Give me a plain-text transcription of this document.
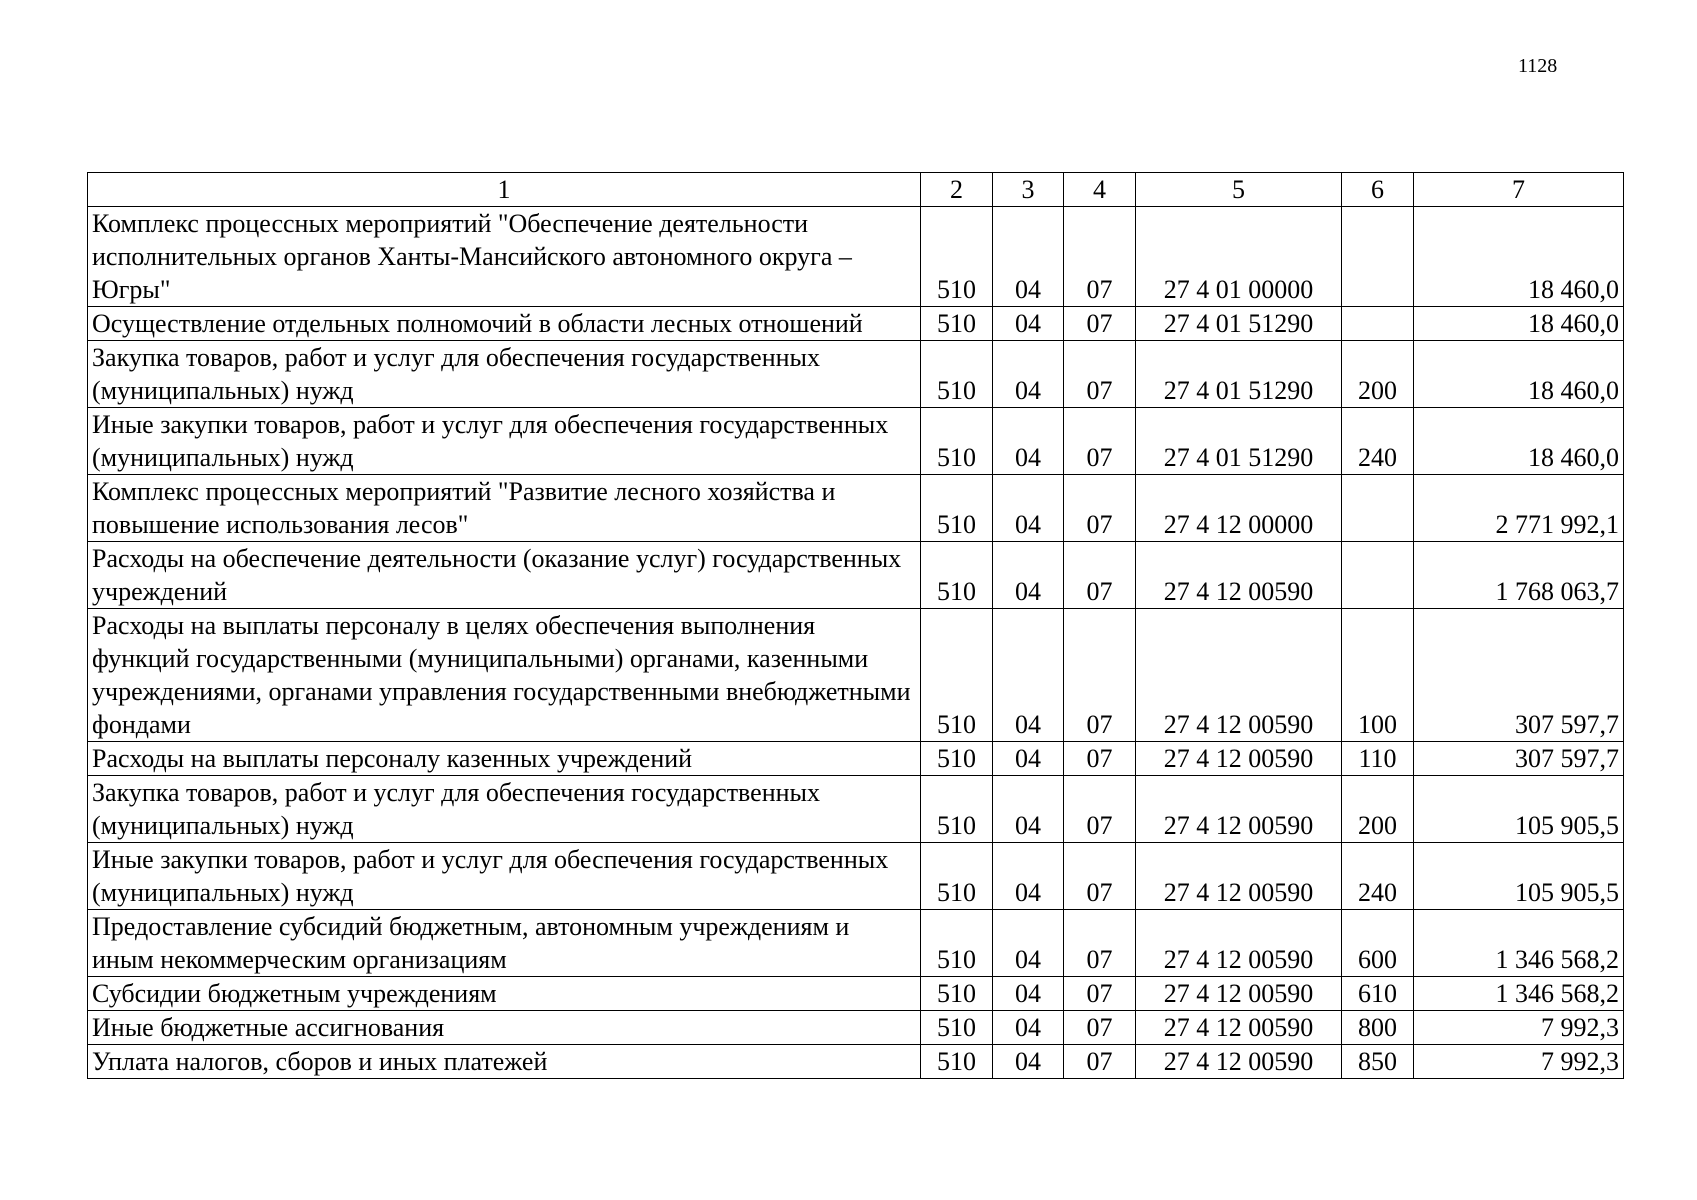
1128
1	2	3	4	5	6	7
Комплекс процессных мероприятий "Обеспечение деятельности исполнительных органов Ханты-Мансийского автономного округа – Югры"	510	04	07	27 4 01 00000		18 460,0
Осуществление отдельных полномочий в области лесных отношений	510	04	07	27 4 01 51290		18 460,0
Закупка товаров, работ и услуг для обеспечения государственных (муниципальных) нужд	510	04	07	27 4 01 51290	200	18 460,0
Иные закупки товаров, работ и услуг для обеспечения государственных (муниципальных) нужд	510	04	07	27 4 01 51290	240	18 460,0
Комплекс процессных мероприятий "Развитие лесного хозяйства и повышение использования лесов"	510	04	07	27 4 12 00000		2 771 992,1
Расходы на обеспечение деятельности (оказание услуг) государственных учреждений	510	04	07	27 4 12 00590		1 768 063,7
Расходы на выплаты персоналу в целях обеспечения выполнения функций государственными (муниципальными) органами, казенными учреждениями, органами управления государственными внебюджетными фондами	510	04	07	27 4 12 00590	100	307 597,7
Расходы на выплаты персоналу казенных учреждений	510	04	07	27 4 12 00590	110	307 597,7
Закупка товаров, работ и услуг для обеспечения государственных (муниципальных) нужд	510	04	07	27 4 12 00590	200	105 905,5
Иные закупки товаров, работ и услуг для обеспечения государственных (муниципальных) нужд	510	04	07	27 4 12 00590	240	105 905,5
Предоставление субсидий бюджетным, автономным учреждениям и иным некоммерческим организациям	510	04	07	27 4 12 00590	600	1 346 568,2
Субсидии бюджетным учреждениям	510	04	07	27 4 12 00590	610	1 346 568,2
Иные бюджетные ассигнования	510	04	07	27 4 12 00590	800	7 992,3
Уплата налогов, сборов и иных платежей	510	04	07	27 4 12 00590	850	7 992,3
